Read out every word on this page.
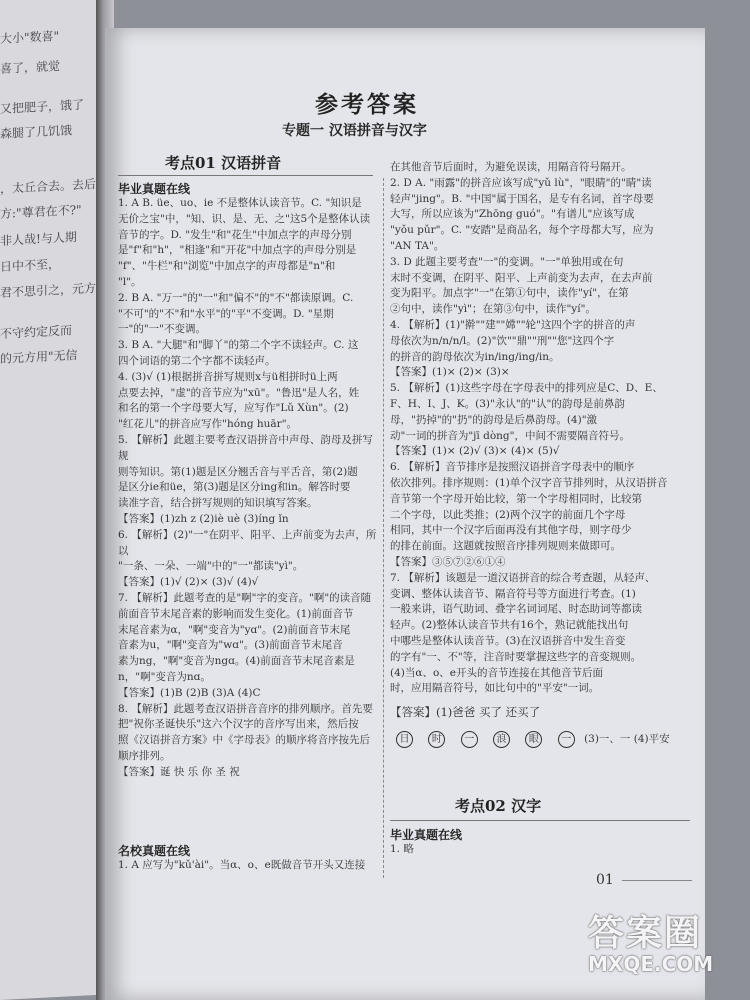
大小"数喜"
喜了，就觉
又把肥子，饿了
森腿了几饥饿
，太丘合去。去后
方:"尊君在不?"
非人哉!与人期
日中不至，
君不思引之，元方
不守约定反而
的元方用"无信
参考答案
专题一 汉语拼音与汉字
考点01 汉语拼音
毕业真题在线

1. A B. üe、uo、ie 不是整体认读音节。C. "知识是

无价之宝"中，"知、识、是、无、之"这5个是整体认读

音节的字。D. "发生"和"花生"中加点字的声母分别

是"f"和"h"，"相逢"和"开花"中加点字的声母分别是

"f"、"牛栏"和"浏览"中加点字的声母都是"n"和

"l"。

2. B A. "万一"的"一"和"偏不"的"不"都读原调。C.

"不可"的"不"和"水平"的"平"不变调。D. "星期

一"的"一"不变调。

3. B A. "大腿"和"脚丫"的第二个字不读轻声。C. 这

四个词语的第二个字都不读轻声。

4. (3)√ (1)根据拼音拼写规则x与ü相拼时ü上两

点要去掉，"虚"的音节应为"xū"。"鲁迅"是人名，姓

和名的第一个字母要大写，应写作"Lǔ Xùn"。(2)

"红花儿"的拼音应写作"hóng huār"。

5. 【解析】此题主要考查汉语拼音中声母、韵母及拼写规

则等知识。第(1)题是区分翘舌音与平舌音，第(2)题

是区分ie和üe，第(3)题是区分ing和in。解答时要

读准字音，结合拼写规则的知识填写答案。

【答案】(1)zh z (2)iè uè (3)íng ǐn

6. 【解析】(2)"一"在阴平、阳平、上声前变为去声，所以

"一条、一朵、一端"中的"一"都读"yì"。

【答案】(1)√ (2)× (3)√ (4)√

7. 【解析】此题考查的是"啊"字的变音。"啊"的读音随

前面音节末尾音素的影响而发生变化。(1)前面音节

末尾音素为α，"啊"变音为"yɑ"。(2)前面音节末尾

音素为u，"啊"变音为"wɑ"。(3)前面音节末尾音

素为ng，"啊"变音为ngɑ。(4)前面音节末尾音素是

n，"啊"变音为nɑ。

【答案】(1)B (2)B (3)A (4)C

8. 【解析】此题考查汉语拼音音序的排列顺序。首先要

把"祝你圣诞快乐"这六个汉字的音序写出来，然后按

照《汉语拼音方案》中《字母表》的顺序将音序按先后

顺序排列。

【答案】诞 快 乐 你 圣 祝

名校真题在线

1. A 应写为"kǔ'ài"。当α、o、e既做音节开头又连接

在其他音节后面时，为避免误读，用隔音符号隔开。

2. D A. "雨露"的拼音应该写成"yǔ lù"，"眼睛"的"睛"读

轻声"jing"。B. "中国"属于国名，是专有名词，首字母要

大写，所以应该为"Zhōng guó"。"有谱儿"应该写成

"yǒu pǔr"。C. "安踏"是商品名，每个字母都大写，应为

"AN TA"。

3. D 此题主要考查"一"的变调。"一"单独用或在句

末时不变调，在阴平、阳平、上声前变为去声，在去声前

变为阳平。加点字"一"在第①句中，读作"yí"，在第

②句中，读作"yì"；在第③句中，读作"yí"。

4. 【解析】(1)"擀""建""嫦""轮"这四个字的拼音的声

母依次为n/n/n/l。(2)"饮""鼎""刑""您"这四个字

的拼音的韵母依次为in/ing/ing/in。

【答案】(1)× (2)× (3)×

5. 【解析】(1)这些字母在字母表中的排列应是C、D、E、

F、H、I、J、K。(3)"永认"的"认"的韵母是前鼻韵

母，"扔掉"的"扔"的韵母是后鼻韵母。(4)"激

动"一词的拼音为"jī dòng"，中间不需要隔音符号。

【答案】(1)× (2)√ (3)× (4)× (5)√

6. 【解析】音节排序是按照汉语拼音字母表中的顺序

依次排列。排序规则：(1)单个汉字音节排列时，从汉语拼音

音节第一个字母开始比较，第一个字母相同时，比较第

二个字母，以此类推；(2)两个汉字的前面几个字母

相同，其中一个汉字后面再没有其他字母，则字母少

的排在前面。这题就按照音序排列规则来做即可。

【答案】③⑤⑦②⑥①④

7. 【解析】该题是一道汉语拼音的综合考查题，从轻声、

变调、整体认读音节、隔音符号等方面进行考查。(1)

一般来讲，语气助词、叠字名词词尾、时态助词等都读

轻声。(2)整体认读音节共有16个，熟记就能找出句

中哪些是整体认读音节。(3)在汉语拼音中发生音变

的字有"一、不"等，注音时要掌握这些字的音变规则。

(4)当α、o、e开头的音节连接在其他音节后面

时，应用隔音符号，如比句中的"平安"一词。

【答案】(1)爸爸 买了 还买了

日 时 一 浪 眼 一 (3)一、一 (4)平安

考点02 汉字
毕业真题在线

1. 略

01
答案圈
MXQE.COM
